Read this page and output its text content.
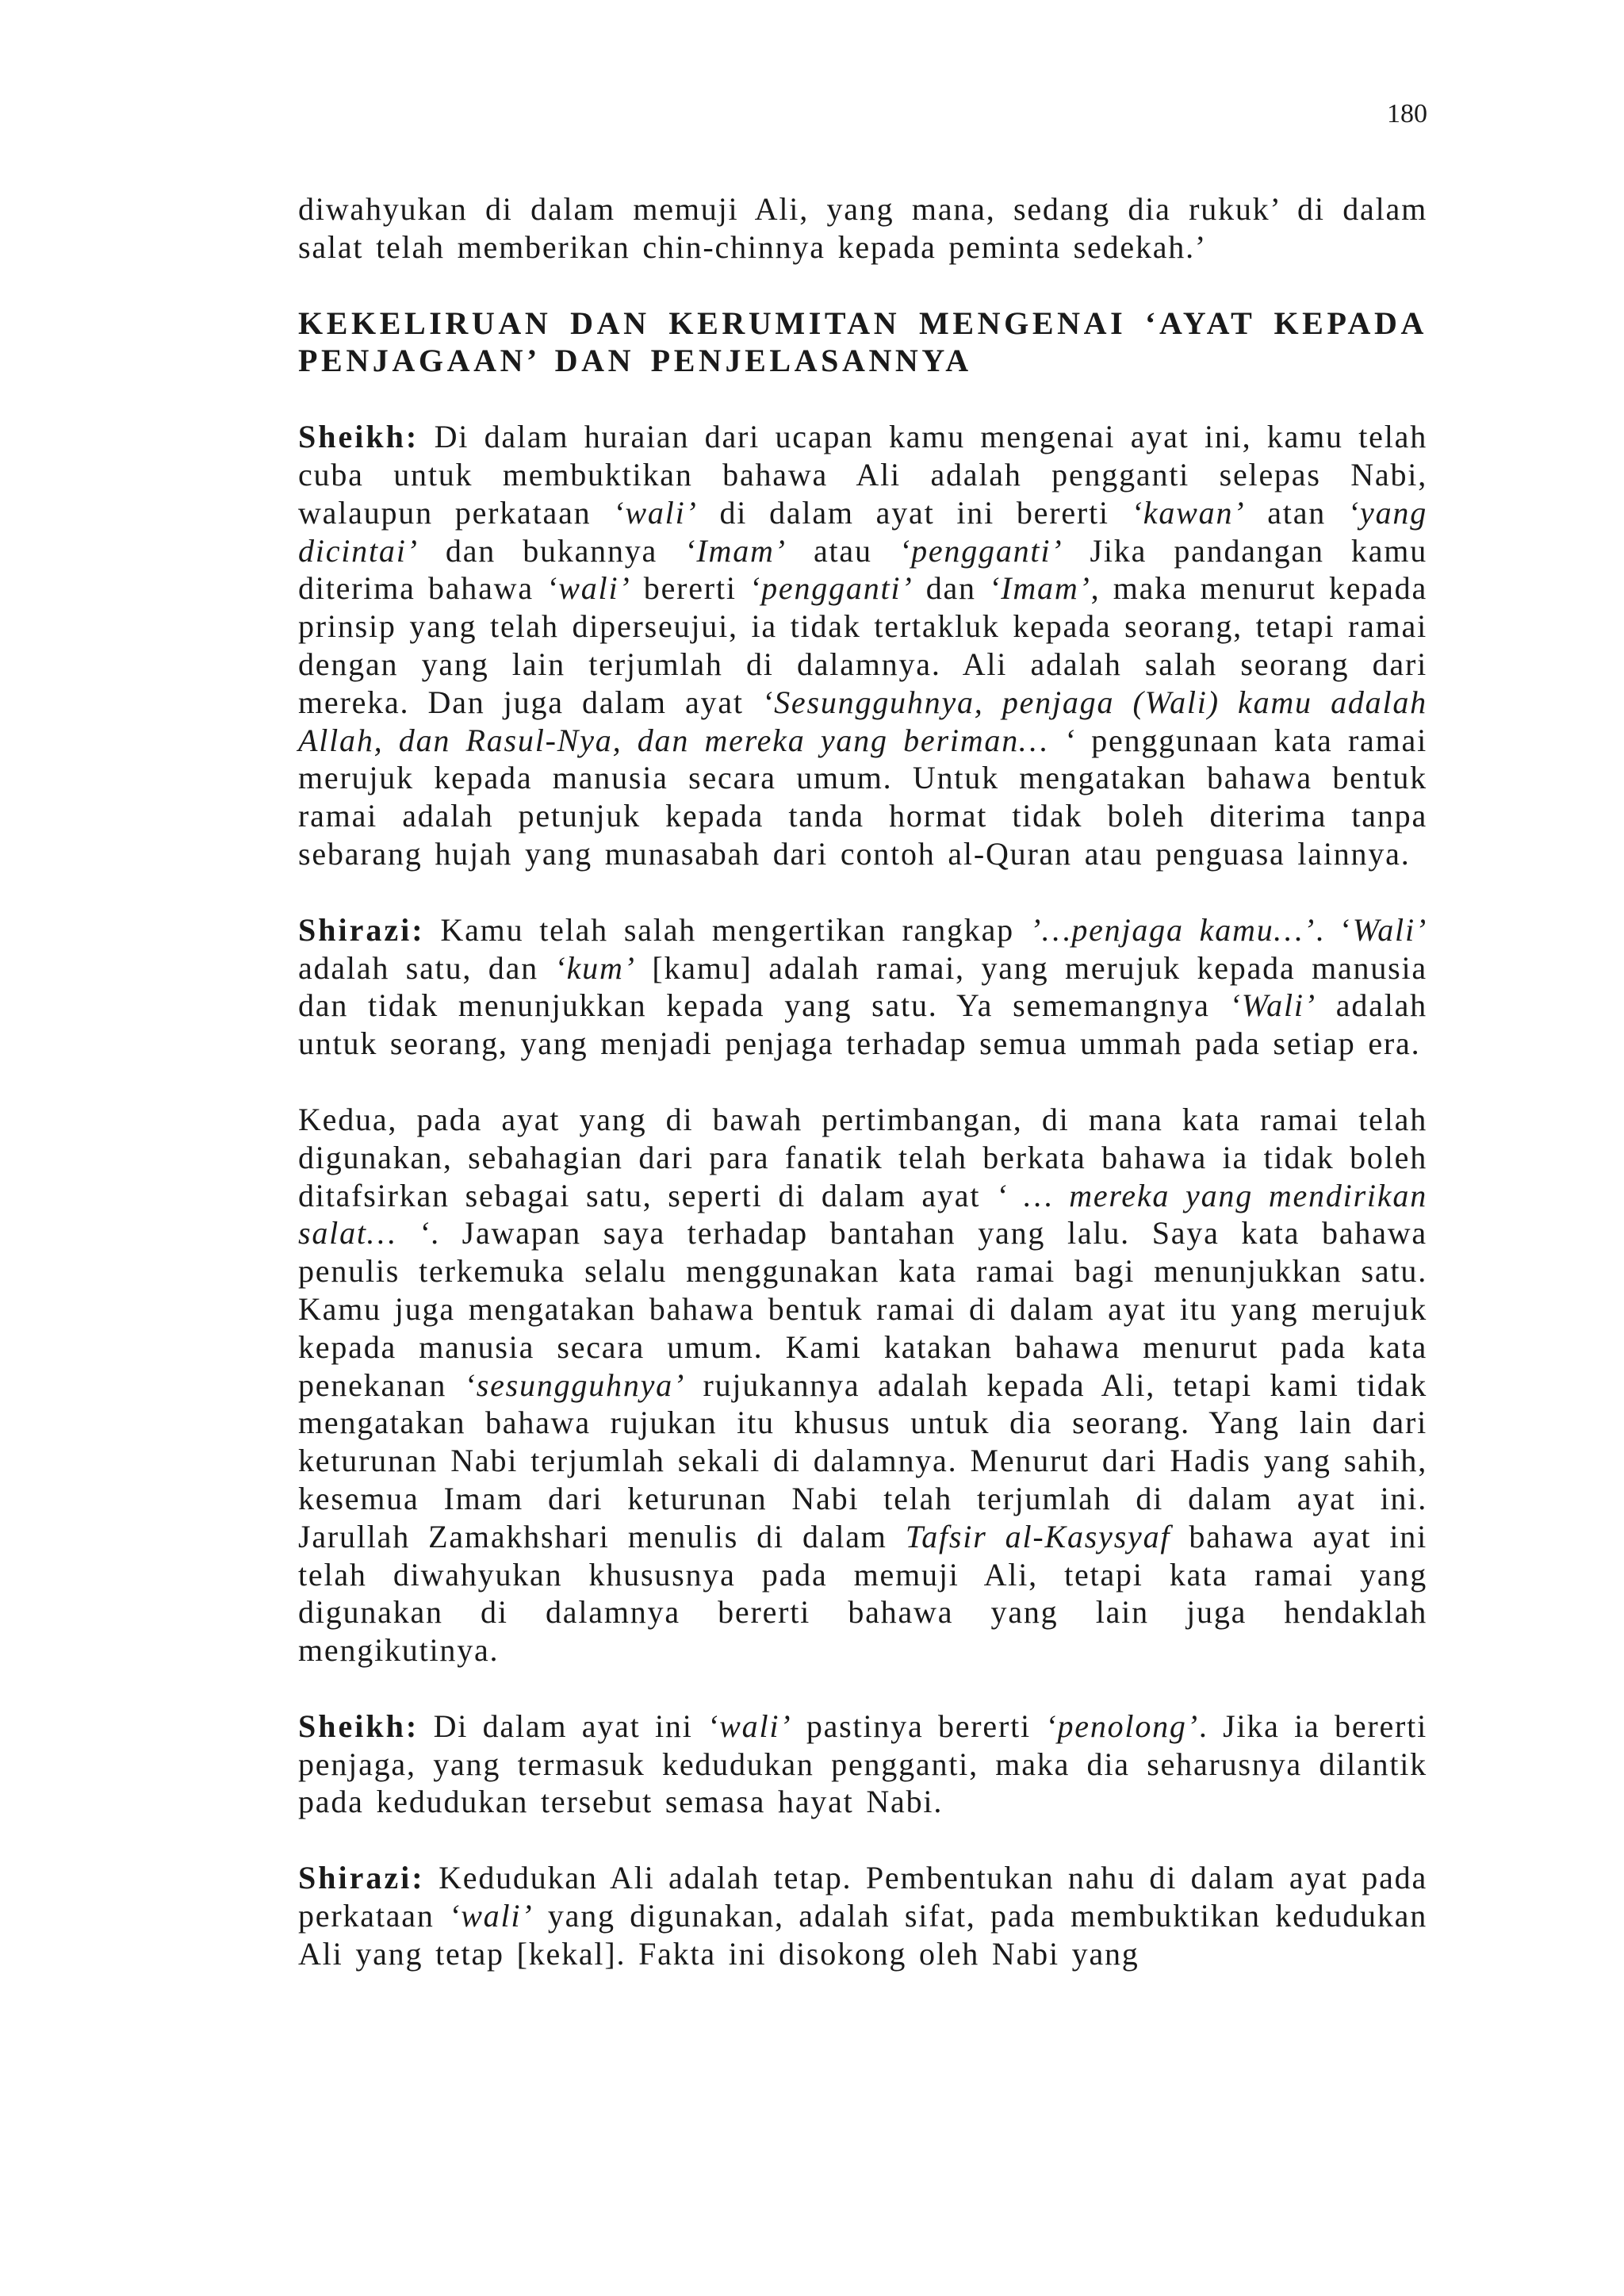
180

diwahyukan di dalam memuji Ali, yang mana, sedang dia rukuk’ di dalam salat telah memberikan chin-chinnya kepada peminta sedekah.’

KEKELIRUAN DAN KERUMITAN MENGENAI ‘AYAT KEPADA PENJAGAAN’ DAN PENJELASANNYA

Sheikh: Di dalam huraian dari ucapan kamu mengenai ayat ini, kamu telah cuba untuk membuktikan bahawa Ali adalah pengganti selepas Nabi, walaupun perkataan ‘wali’ di dalam ayat ini bererti ‘kawan’ atan ‘yang dicintai’ dan bukannya ‘Imam’ atau ‘pengganti’ Jika pandangan kamu diterima bahawa ‘wali’ bererti ‘pengganti’ dan ‘Imam’, maka menurut kepada prinsip yang telah diperseujui, ia tidak tertakluk kepada seorang, tetapi ramai dengan yang lain terjumlah di dalamnya. Ali adalah salah seorang dari mereka. Dan juga dalam ayat ‘Sesungguhnya, penjaga (Wali) kamu adalah Allah, dan Rasul-Nya, dan mereka yang beriman… ‘ penggunaan kata ramai merujuk kepada manusia secara umum. Untuk mengatakan bahawa bentuk ramai adalah petunjuk kepada tanda hormat tidak boleh diterima tanpa sebarang hujah yang munasabah dari contoh al-Quran atau penguasa lainnya.

Shirazi: Kamu telah salah mengertikan rangkap ’…penjaga kamu…’. ‘Wali’ adalah satu, dan ‘kum’ [kamu] adalah ramai, yang merujuk kepada manusia dan tidak menunjukkan kepada yang satu. Ya sememangnya ‘Wali’ adalah untuk seorang, yang menjadi penjaga terhadap semua ummah pada setiap era.

Kedua, pada ayat yang di bawah pertimbangan, di mana kata ramai telah digunakan, sebahagian dari para fanatik telah berkata bahawa ia tidak boleh ditafsirkan sebagai satu, seperti di dalam ayat ‘ … mereka yang mendirikan salat… ‘. Jawapan saya terhadap bantahan yang lalu. Saya kata bahawa penulis terkemuka selalu menggunakan kata ramai bagi menunjukkan satu. Kamu juga mengatakan bahawa bentuk ramai di dalam ayat itu yang merujuk kepada manusia secara umum. Kami katakan bahawa menurut pada kata penekanan ‘sesungguhnya’ rujukannya adalah kepada Ali, tetapi kami tidak mengatakan bahawa rujukan itu khusus untuk dia seorang. Yang lain dari keturunan Nabi terjumlah sekali di dalamnya. Menurut dari Hadis yang sahih, kesemua Imam dari keturunan Nabi telah terjumlah di dalam ayat ini. Jarullah Zamakhshari menulis di dalam Tafsir al-Kasysyaf bahawa ayat ini telah diwahyukan khususnya pada memuji Ali, tetapi kata ramai yang digunakan di dalamnya bererti bahawa yang lain juga hendaklah mengikutinya.

Sheikh: Di dalam ayat ini ‘wali’ pastinya bererti ‘penolong’. Jika ia bererti penjaga, yang termasuk kedudukan pengganti, maka dia seharusnya dilantik pada kedudukan tersebut semasa hayat Nabi.

Shirazi: Kedudukan Ali adalah tetap. Pembentukan nahu di dalam ayat pada perkataan ‘wali’ yang digunakan, adalah sifat, pada membuktikan kedudukan Ali yang tetap [kekal]. Fakta ini disokong oleh Nabi yang
